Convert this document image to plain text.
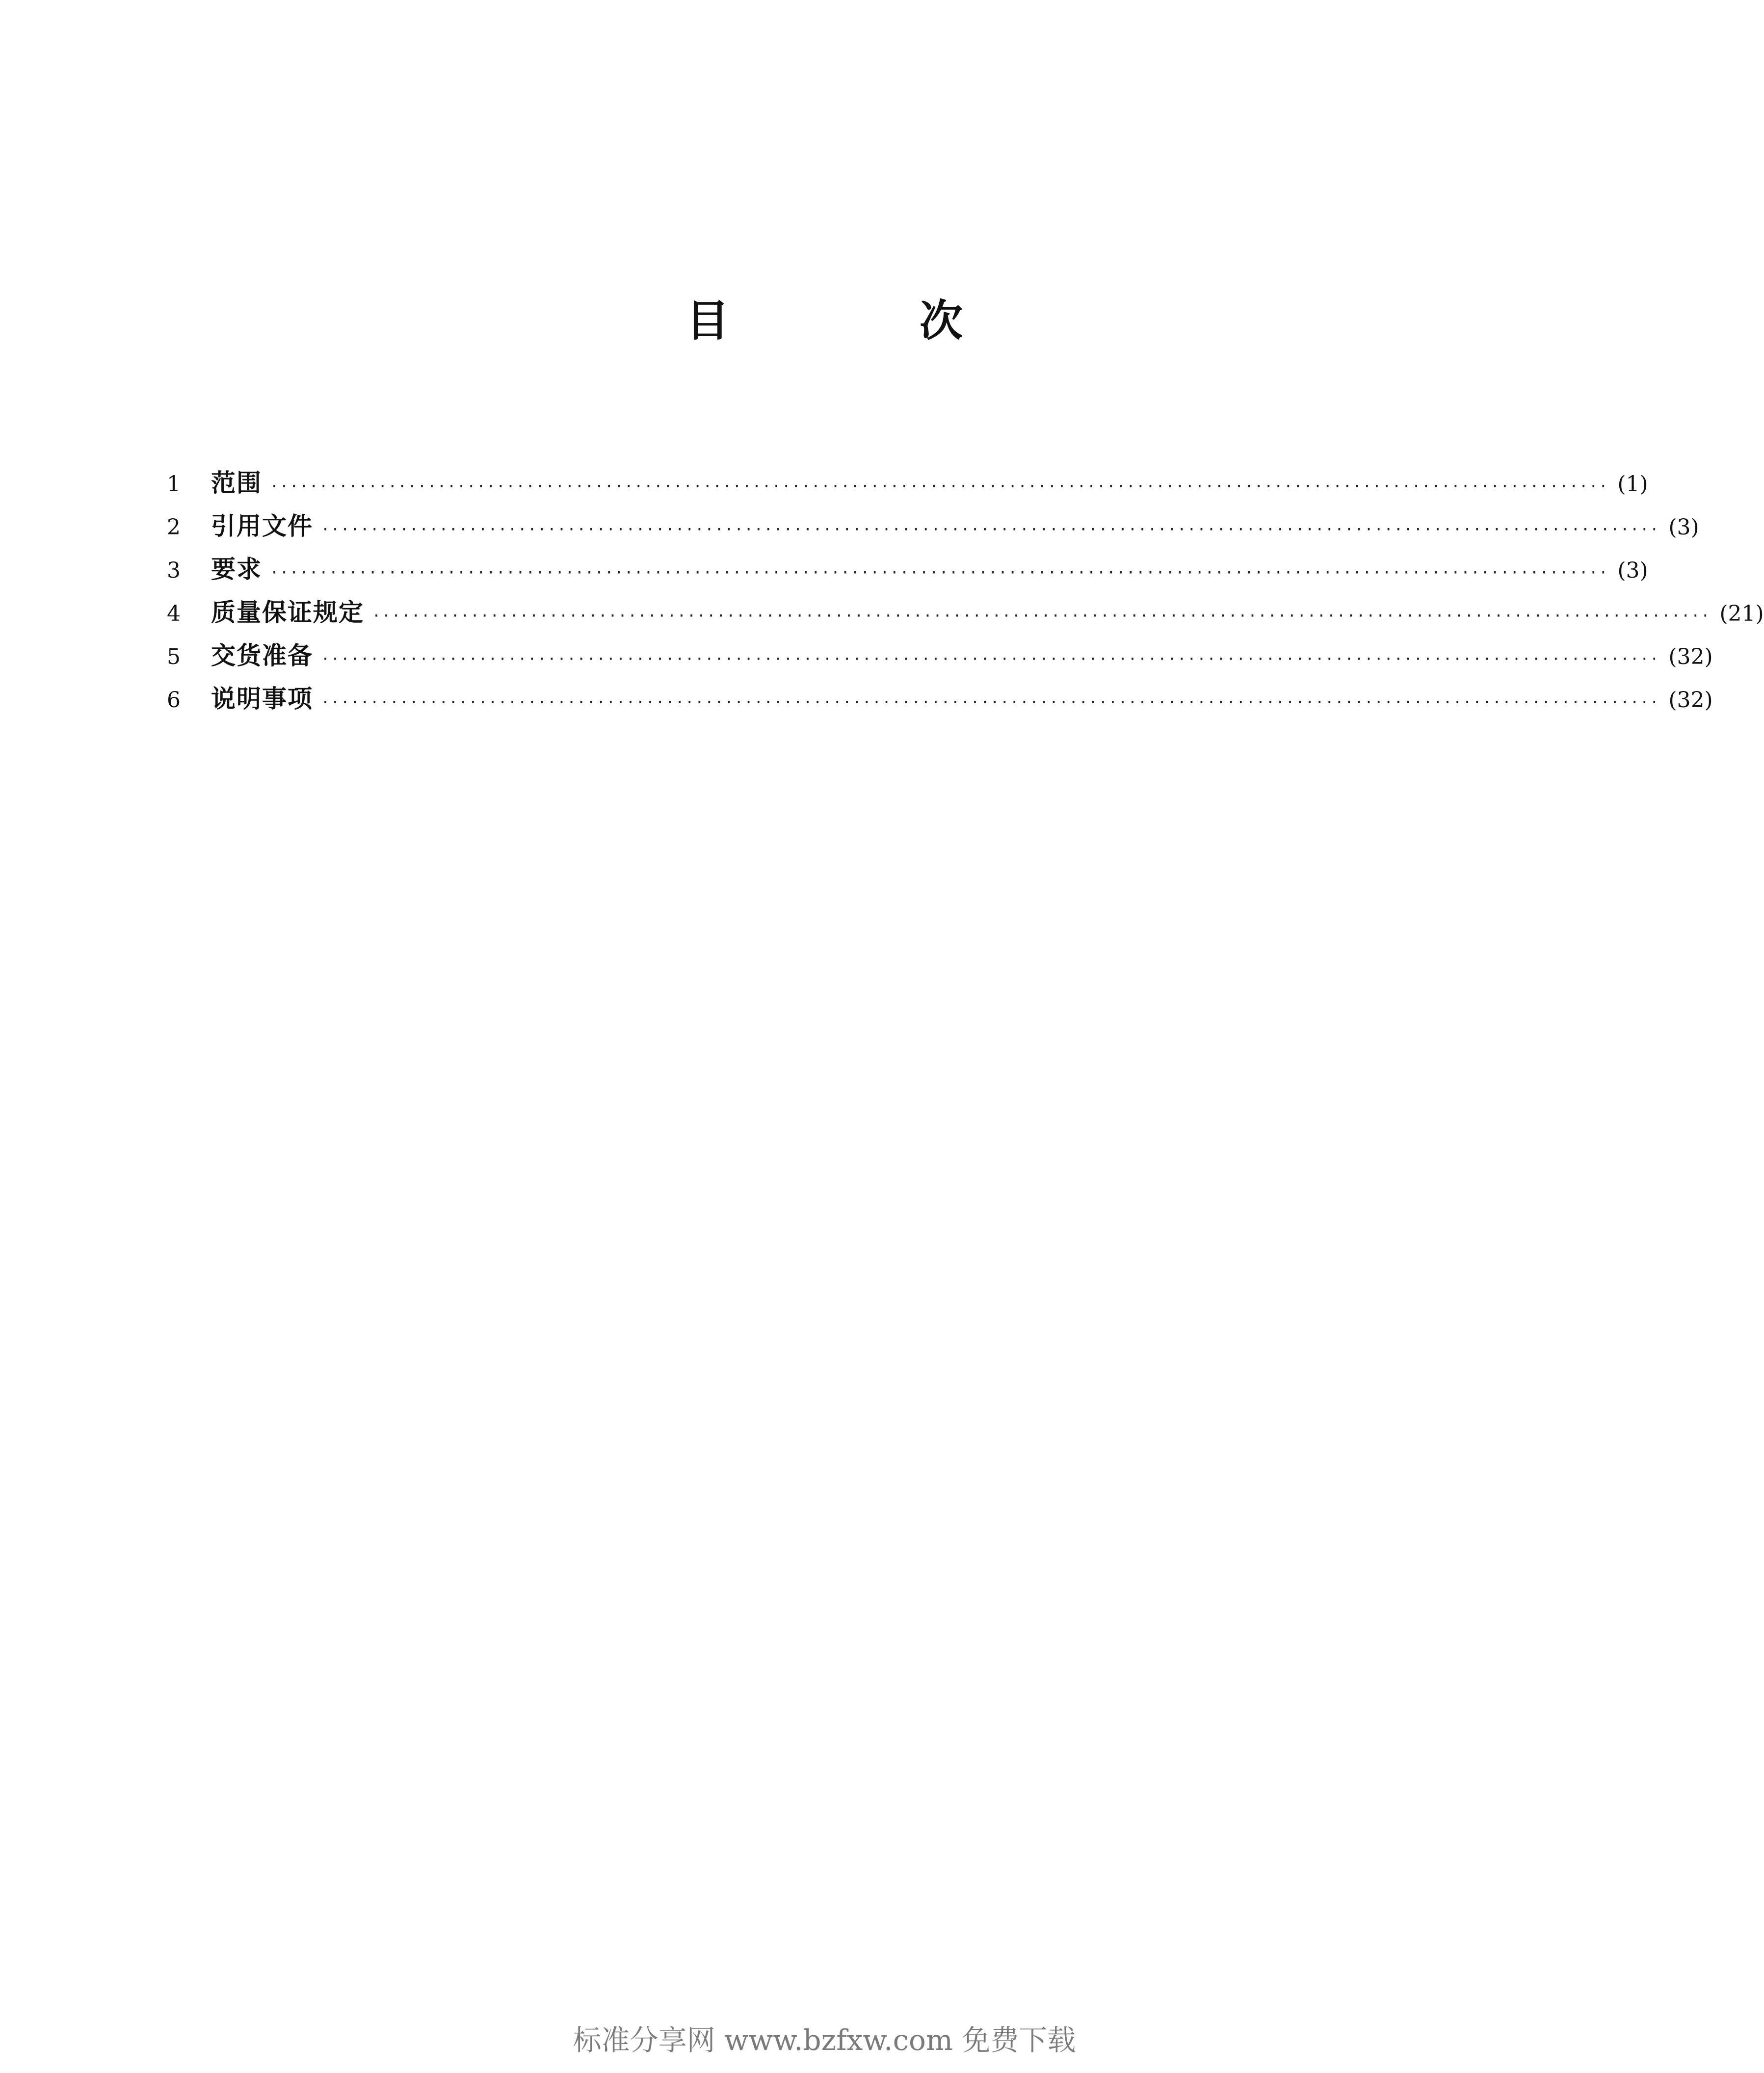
目　次
1	范围 ········································································································································ (1)
2	引用文件 ········································································································································ (3)
3	要求 ········································································································································ (3)
4	质量保证规定 ········································································································································ (21)
5	交货准备 ········································································································································ (32)
6	说明事项 ········································································································································ (32)
标准分享网 www.bzfxw.com 免费下载
